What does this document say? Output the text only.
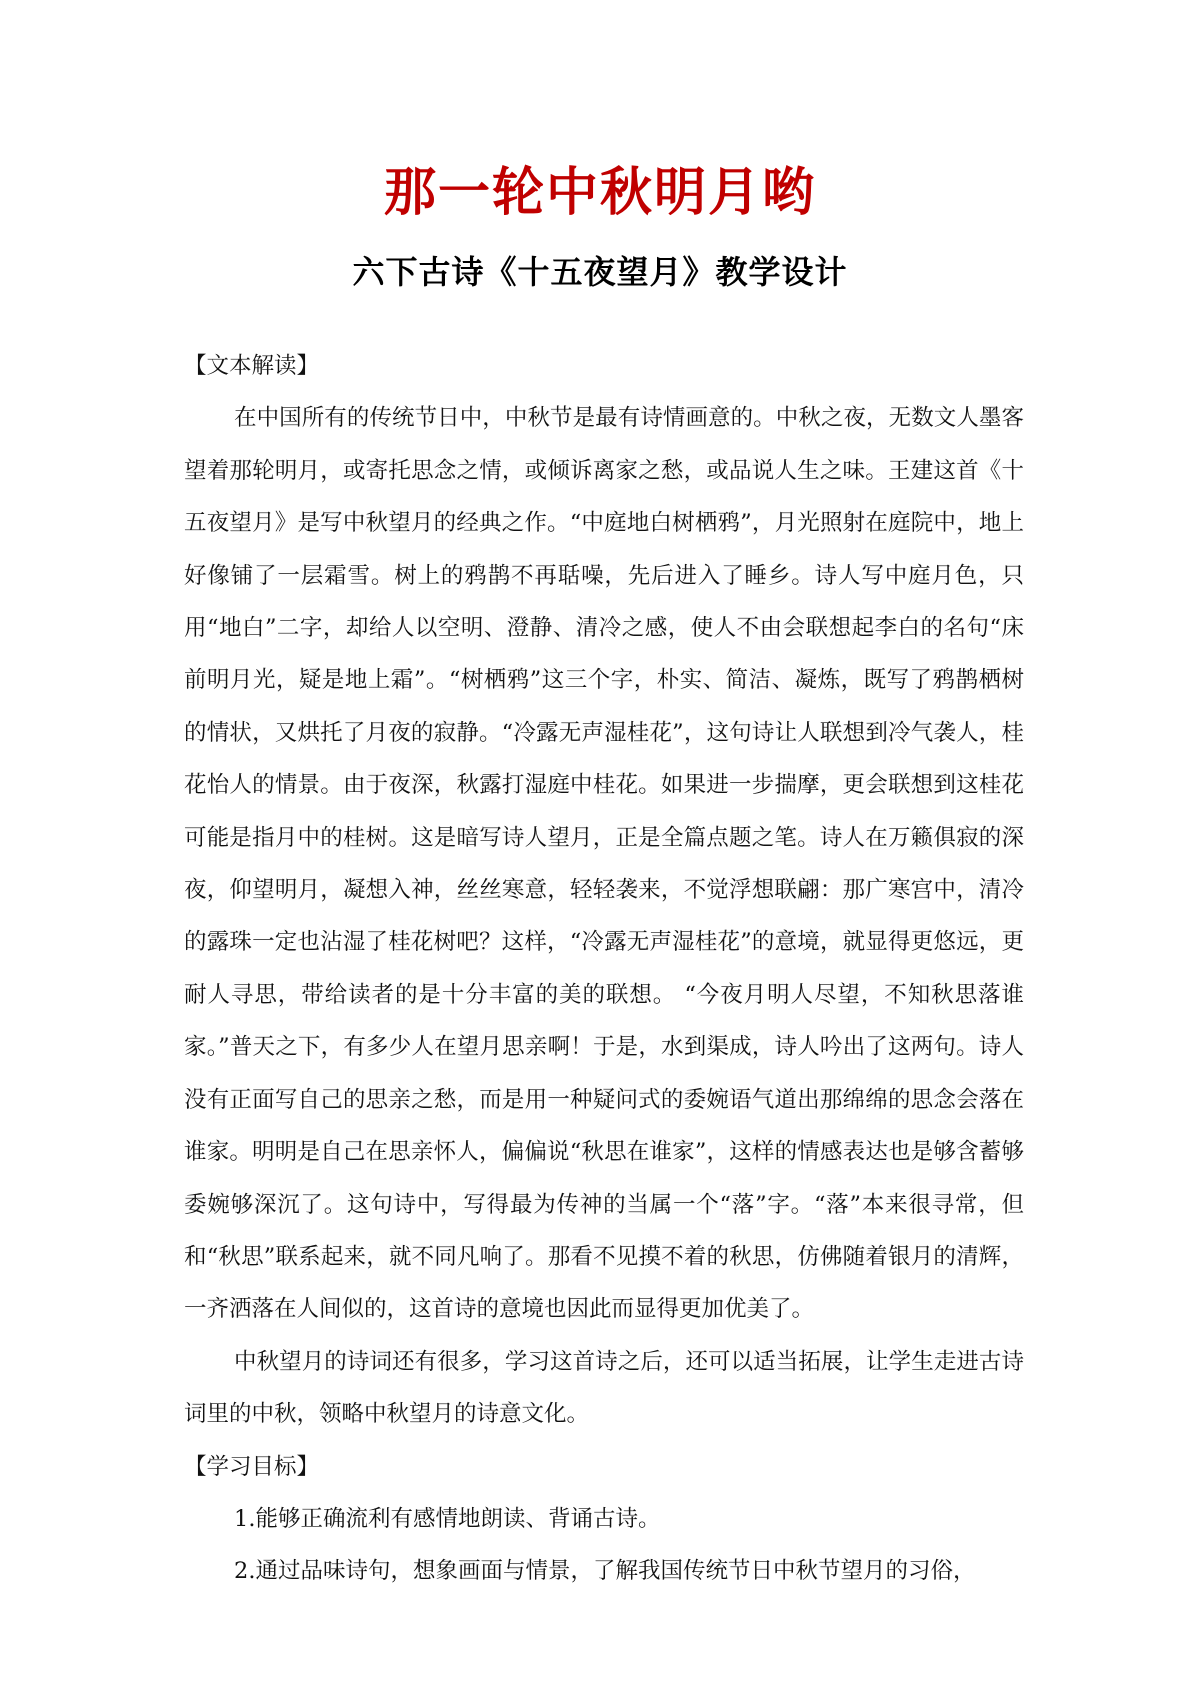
那一轮中秋明月哟
六下古诗《十五夜望月》教学设计

【文本解读】

在中国所有的传统节日中，中秋节是最有诗情画意的。中秋之夜，无数文人墨客望着那轮明月，或寄托思念之情，或倾诉离家之愁，或品说人生之味。王建这首《十五夜望月》是写中秋望月的经典之作。“中庭地白树栖鸦”，月光照射在庭院中，地上好像铺了一层霜雪。树上的鸦鹊不再聒噪，先后进入了睡乡。诗人写中庭月色，只用“地白”二字，却给人以空明、澄静、清冷之感，使人不由会联想起李白的名句“床前明月光，疑是地上霜”。“树栖鸦”这三个字，朴实、简洁、凝炼，既写了鸦鹊栖树的情状，又烘托了月夜的寂静。“冷露无声湿桂花”，这句诗让人联想到冷气袭人，桂花怡人的情景。由于夜深，秋露打湿庭中桂花。如果进一步揣摩，更会联想到这桂花可能是指月中的桂树。这是暗写诗人望月，正是全篇点题之笔。诗人在万籁俱寂的深夜，仰望明月，凝想入神，丝丝寒意，轻轻袭来，不觉浮想联翩：那广寒宫中，清冷的露珠一定也沾湿了桂花树吧？这样，“冷露无声湿桂花”的意境，就显得更悠远，更耐人寻思，带给读者的是十分丰富的美的联想。 “今夜月明人尽望，不知秋思落谁家。”普天之下，有多少人在望月思亲啊！于是，水到渠成，诗人吟出了这两句。诗人没有正面写自己的思亲之愁，而是用一种疑问式的委婉语气道出那绵绵的思念会落在谁家。明明是自己在思亲怀人，偏偏说“秋思在谁家”，这样的情感表达也是够含蓄够委婉够深沉了。这句诗中，写得最为传神的当属一个“落”字。“落”本来很寻常，但和“秋思”联系起来，就不同凡响了。那看不见摸不着的秋思，仿佛随着银月的清辉，一齐洒落在人间似的，这首诗的意境也因此而显得更加优美了。

中秋望月的诗词还有很多，学习这首诗之后，还可以适当拓展，让学生走进古诗词里的中秋，领略中秋望月的诗意文化。

【学习目标】

1.能够正确流利有感情地朗读、背诵古诗。

2.通过品味诗句，想象画面与情景，了解我国传统节日中秋节望月的习俗，
